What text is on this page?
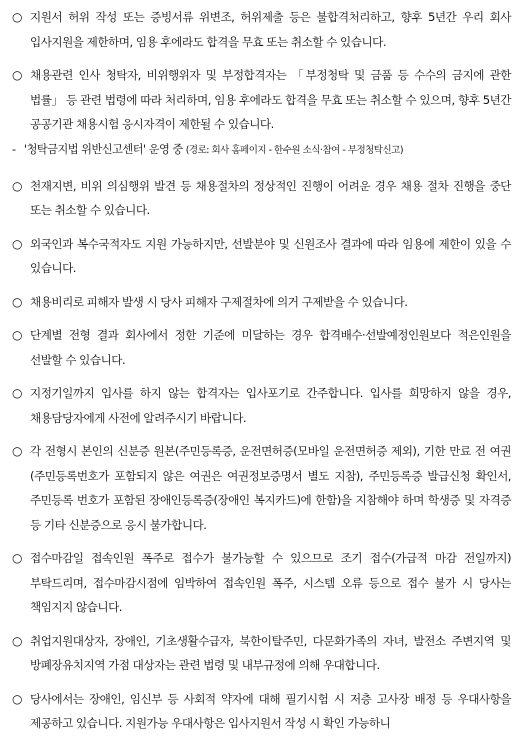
○ 지원서 허위 작성 또는 증빙서류 위변조, 허위제출 등은 불합격처리하고, 향후 5년간 우리 회사 입사지원을 제한하며, 임용 후에라도 합격을 무효 또는 취소할 수 있습니다.
○ 채용관련 인사 청탁자, 비위행위자 및 부정합격자는 「부정청탁 및 금품 등 수수의 금지에 관한 법률」 등 관련 법령에 따라 처리하며, 임용 후에라도 합격을 무효 또는 취소할 수 있으며, 향후 5년간 공공기관 채용시험 응시자격이 제한될 수 있습니다.
- '청탁금지법 위반신고센터' 운영 중 (경로: 회사 홈페이지 - 한수원 소식·참여 - 부정청탁신고)
○ 천재지변, 비위 의심행위 발견 등 채용절차의 정상적인 진행이 어려운 경우 채용 절차 진행을 중단 또는 취소할 수 있습니다.
○ 외국인과 복수국적자도 지원 가능하지만, 선발분야 및 신원조사 결과에 따라 임용에 제한이 있을 수 있습니다.
○ 채용비리로 피해자 발생 시 당사 피해자 구제절차에 의거 구제받을 수 있습니다.
○ 단계별 전형 결과 회사에서 정한 기준에 미달하는 경우 합격배수·선발예정인원보다 적은인원을 선발할 수 있습니다.
○ 지정기일까지 입사를 하지 않는 합격자는 입사포기로 간주합니다. 입사를 희망하지 않을 경우, 채용담당자에게 사전에 알려주시기 바랍니다.
○ 각 전형시 본인의 신분증 원본(주민등록증, 운전면허증(모바일 운전면허증 제외), 기한 만료 전 여권(주민등록번호가 포함되지 않은 여권은 여권정보증명서 별도 지참), 주민등록증 발급신청 확인서, 주민등록 번호가 포함된 장애인등록증(장애인 복지카드)에 한함)을 지참해야 하며 학생증 및 자격증 등 기타 신분증으로 응시 불가합니다.
○ 접수마감일 접속인원 폭주로 접수가 불가능할 수 있으므로 조기 접수(가급적 마감 전일까지) 부탁드리며, 접수마감시점에 임박하여 접속인원 폭주, 시스템 오류 등으로 접수 불가 시 당사는 책임지지 않습니다.
○ 취업지원대상자, 장애인, 기초생활수급자, 북한이탈주민, 다문화가족의 자녀, 발전소 주변지역 및 방폐장유치지역 가점 대상자는 관련 법령 및 내부규정에 의해 우대합니다.
○ 당사에서는 장애인, 임신부 등 사회적 약자에 대해 필기시험 시 저층 고사장 배정 등 우대사항을 제공하고 있습니다. 지원가능 우대사항은 입사지원서 작성 시 확인 가능하니
